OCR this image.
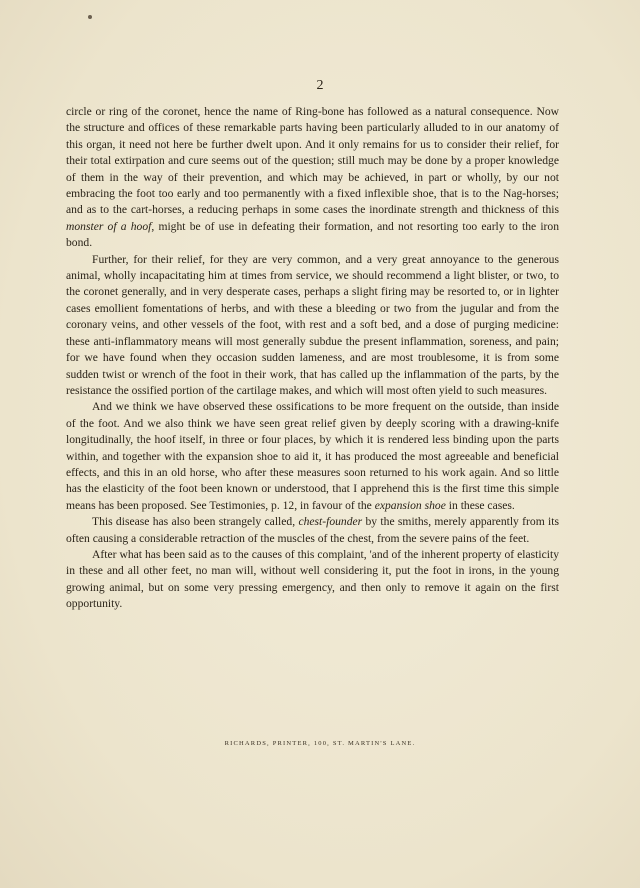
2

circle or ring of the coronet, hence the name of Ring-bone has followed as a natural consequence. Now the structure and offices of these remarkable parts having been particularly alluded to in our anatomy of this organ, it need not here be further dwelt upon. And it only remains for us to consider their relief, for their total extirpation and cure seems out of the question; still much may be done by a proper knowledge of them in the way of their prevention, and which may be achieved, in part or wholly, by our not embracing the foot too early and too permanently with a fixed inflexible shoe, that is to the Nag-horses; and as to the cart-horses, a reducing perhaps in some cases the inordinate strength and thickness of this monster of a hoof, might be of use in defeating their formation, and not resorting too early to the iron bond.

Further, for their relief, for they are very common, and a very great annoyance to the generous animal, wholly incapacitating him at times from service, we should recommend a light blister, or two, to the coronet generally, and in very desperate cases, perhaps a slight firing may be resorted to, or in lighter cases emollient fomentations of herbs, and with these a bleeding or two from the jugular and from the coronary veins, and other vessels of the foot, with rest and a soft bed, and a dose of purging medicine: these anti-inflammatory means will most generally subdue the present inflammation, soreness, and pain; for we have found when they occasion sudden lameness, and are most troublesome, it is from some sudden twist or wrench of the foot in their work, that has called up the inflammation of the parts, by the resistance the ossified portion of the cartilage makes, and which will most often yield to such measures.

And we think we have observed these ossifications to be more frequent on the outside, than inside of the foot. And we also think we have seen great relief given by deeply scoring with a drawing-knife longitudinally, the hoof itself, in three or four places, by which it is rendered less binding upon the parts within, and together with the expansion shoe to aid it, it has produced the most agreeable and beneficial effects, and this in an old horse, who after these measures soon returned to his work again. And so little has the elasticity of the foot been known or understood, that I apprehend this is the first time this simple means has been proposed. See Testimonies, p. 12, in favour of the expansion shoe in these cases.

This disease has also been strangely called, chest-founder by the smiths, merely apparently from its often causing a considerable retraction of the muscles of the chest, from the severe pains of the feet.

After what has been said as to the causes of this complaint, 'and of the inherent property of elasticity in these and all other feet, no man will, without well considering it, put the foot in irons, in the young growing animal, but on some very pressing emergency, and then only to remove it again on the first opportunity.

RICHARDS, PRINTER, 100, ST. MARTIN'S LANE.
